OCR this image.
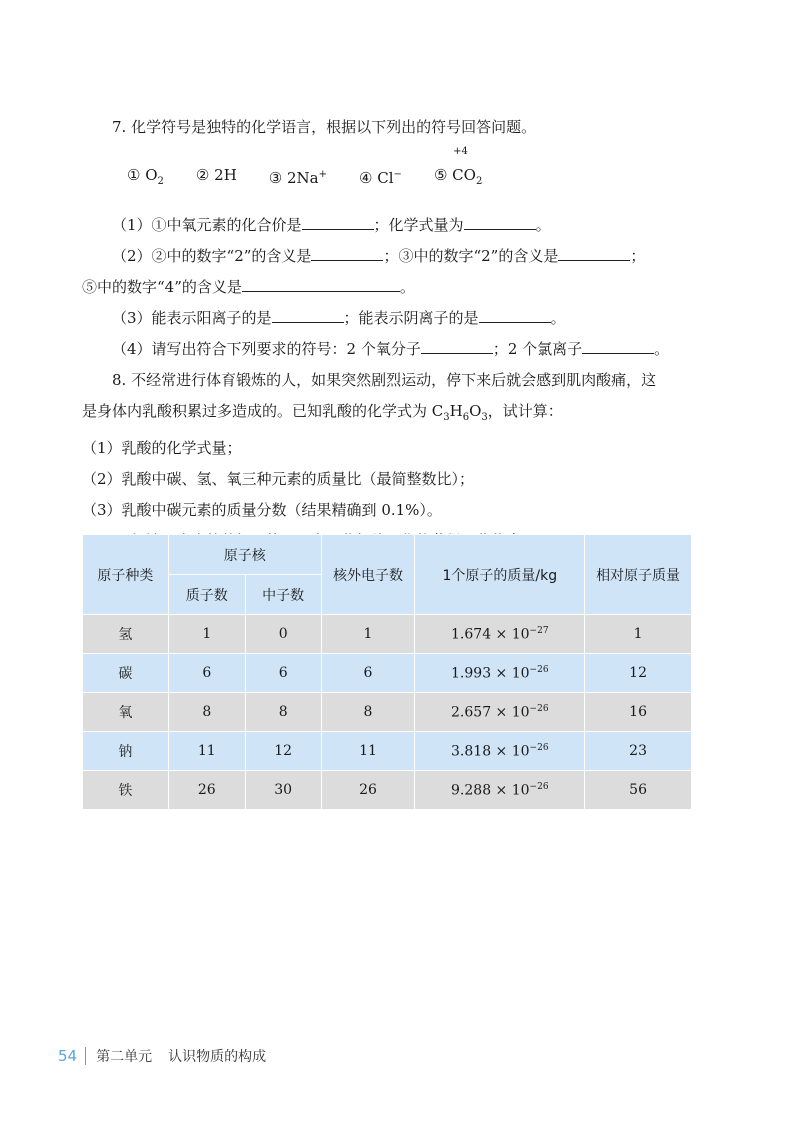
7. 化学符号是独特的化学语言，根据以下列出的符号回答问题。

① $O_2$ ② 2H ③ 2Na+ ④ Cl− ⑤
+4
$CO_2$

（1）①中氧元素的化合价是	；化学式量为	。

（2）②中的数字“2”的含义是	；③中的数字“2”的含义是	；

⑤中的数字“4”的含义是	。

（3）能表示阳离子的是	；能表示阴离子的是	。

（4）请写出符合下列要求的符号：2 个氧分子	；2 个氯离子	。

8. 不经常进行体育锻炼的人，如果突然剧烈运动，停下来后就会感到肌肉酸痛，这

是身体内乳酸积累过多造成的。已知乳酸的化学式为 $C_3H_6O_3$，试计算：

（1）乳酸的化学式量；

（2）乳酸中碳、氢、氧三种元素的质量比（最简整数比）；

（3）乳酸中碳元素的质量分数（结果精确到 0.1%）。

原子种类	原子核		核外电子数	1个原子的质量/kg	相对原子质量
	质子数	中子数			
氢	1	0	1	$1.674 \times 10^{-27}$	1
碳	6	6	6	$1.993 \times 10^{-26}$	12
氧	8	8	8	$2.657 \times 10^{-26}$	16
钠	11	12	11	$3.818 \times 10^{-26}$	23
铁	26	30	26	$9.288 \times 10^{-26}$	56
54 第二单元 认识物质的构成
